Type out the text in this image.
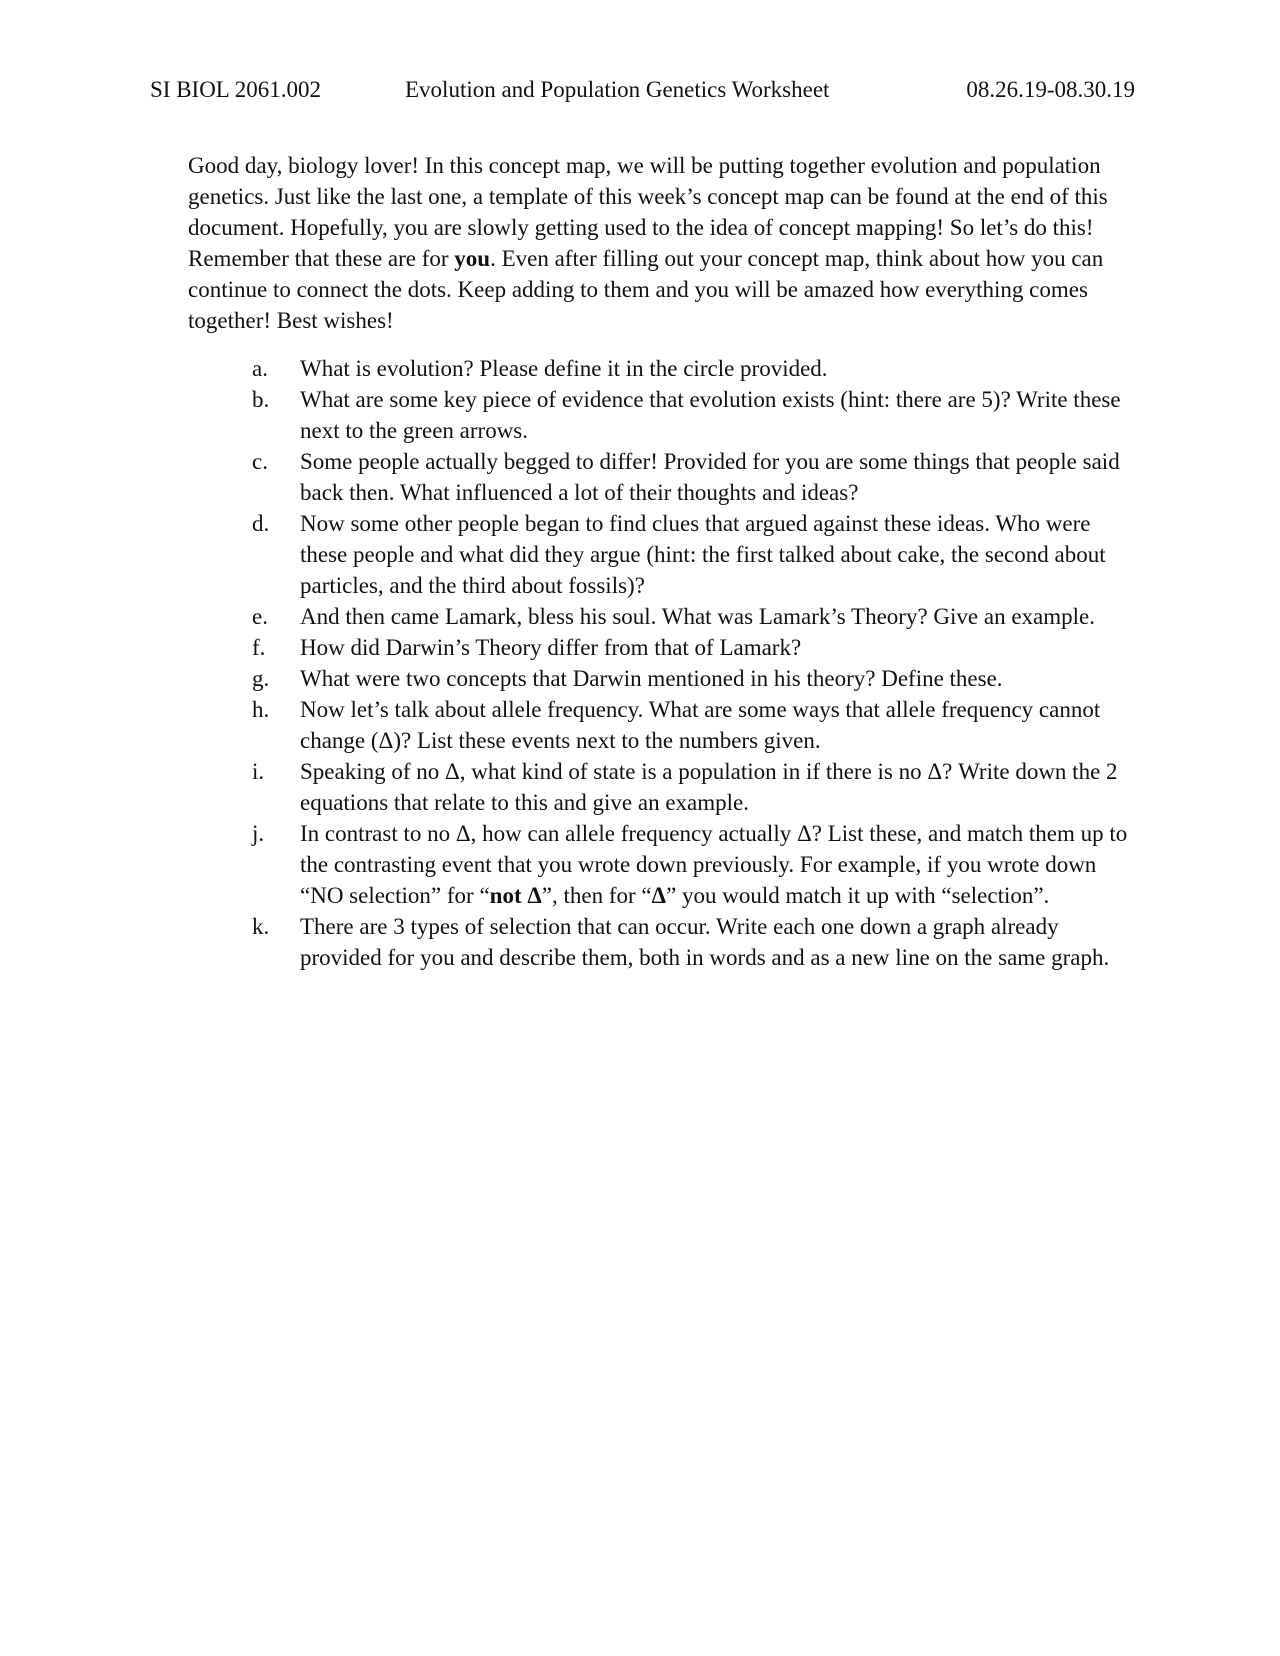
SI BIOL 2061.002	Evolution and Population Genetics Worksheet	08.26.19-08.30.19

Good day, biology lover! In this concept map, we will be putting together evolution and population genetics. Just like the last one, a template of this week’s concept map can be found at the end of this document. Hopefully, you are slowly getting used to the idea of concept mapping! So let’s do this! Remember that these are for you. Even after filling out your concept map, think about how you can continue to connect the dots. Keep adding to them and you will be amazed how everything comes together! Best wishes!

a.	What is evolution? Please define it in the circle provided.
b.	What are some key piece of evidence that evolution exists (hint: there are 5)? Write these next to the green arrows.
c.	Some people actually begged to differ! Provided for you are some things that people said back then. What influenced a lot of their thoughts and ideas?
d.	Now some other people began to find clues that argued against these ideas. Who were these people and what did they argue (hint: the first talked about cake, the second about particles, and the third about fossils)?
e.	And then came Lamark, bless his soul. What was Lamark’s Theory? Give an example.
f.	How did Darwin’s Theory differ from that of Lamark?
g.	What were two concepts that Darwin mentioned in his theory? Define these.
h.	Now let’s talk about allele frequency. What are some ways that allele frequency cannot change (Δ)? List these events next to the numbers given.
i.	Speaking of no Δ, what kind of state is a population in if there is no Δ? Write down the 2 equations that relate to this and give an example.
j.	In contrast to no Δ, how can allele frequency actually Δ? List these, and match them up to the contrasting event that you wrote down previously. For example, if you wrote down “NO selection” for “not Δ”, then for “Δ” you would match it up with “selection”.
k.	There are 3 types of selection that can occur. Write each one down a graph already provided for you and describe them, both in words and as a new line on the same graph.
